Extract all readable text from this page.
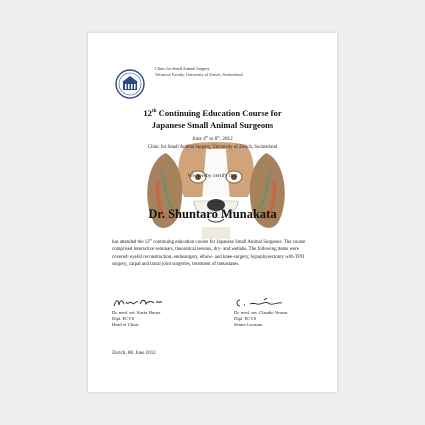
Clinic for Small Animal Surgery
Vetsuisse Faculty, University of Zurich, Switzerland
12th Continuing Education Course for
Japanese Small Animal Surgeons
June 4th to 8th, 2012
Clinic for Small Animal Surgery, University of Zurich, Switzerland
We hereby certify that
Dr. Shuntaro Munakata
has attended the 12th continuing education course for Japanese Small Animal Surgeons. The course comprised interactive seminars, theoretical lessons, dry- and wetlabs. The following items were covered: eyelid reconstruction, endosurgery, elbow- and knee-surgery, hypophysectomy with TPO surgery, carpal and tarsal joint surgeries, treatment of metastases.
Dr. med. vet. Karin Hurter
Dipl. ECVS
Head of Clinic
Dr. med. vet. Claudio Venzin
Dipl. ECVS
Senior Lecturer
Zurich, 08. June 2012
